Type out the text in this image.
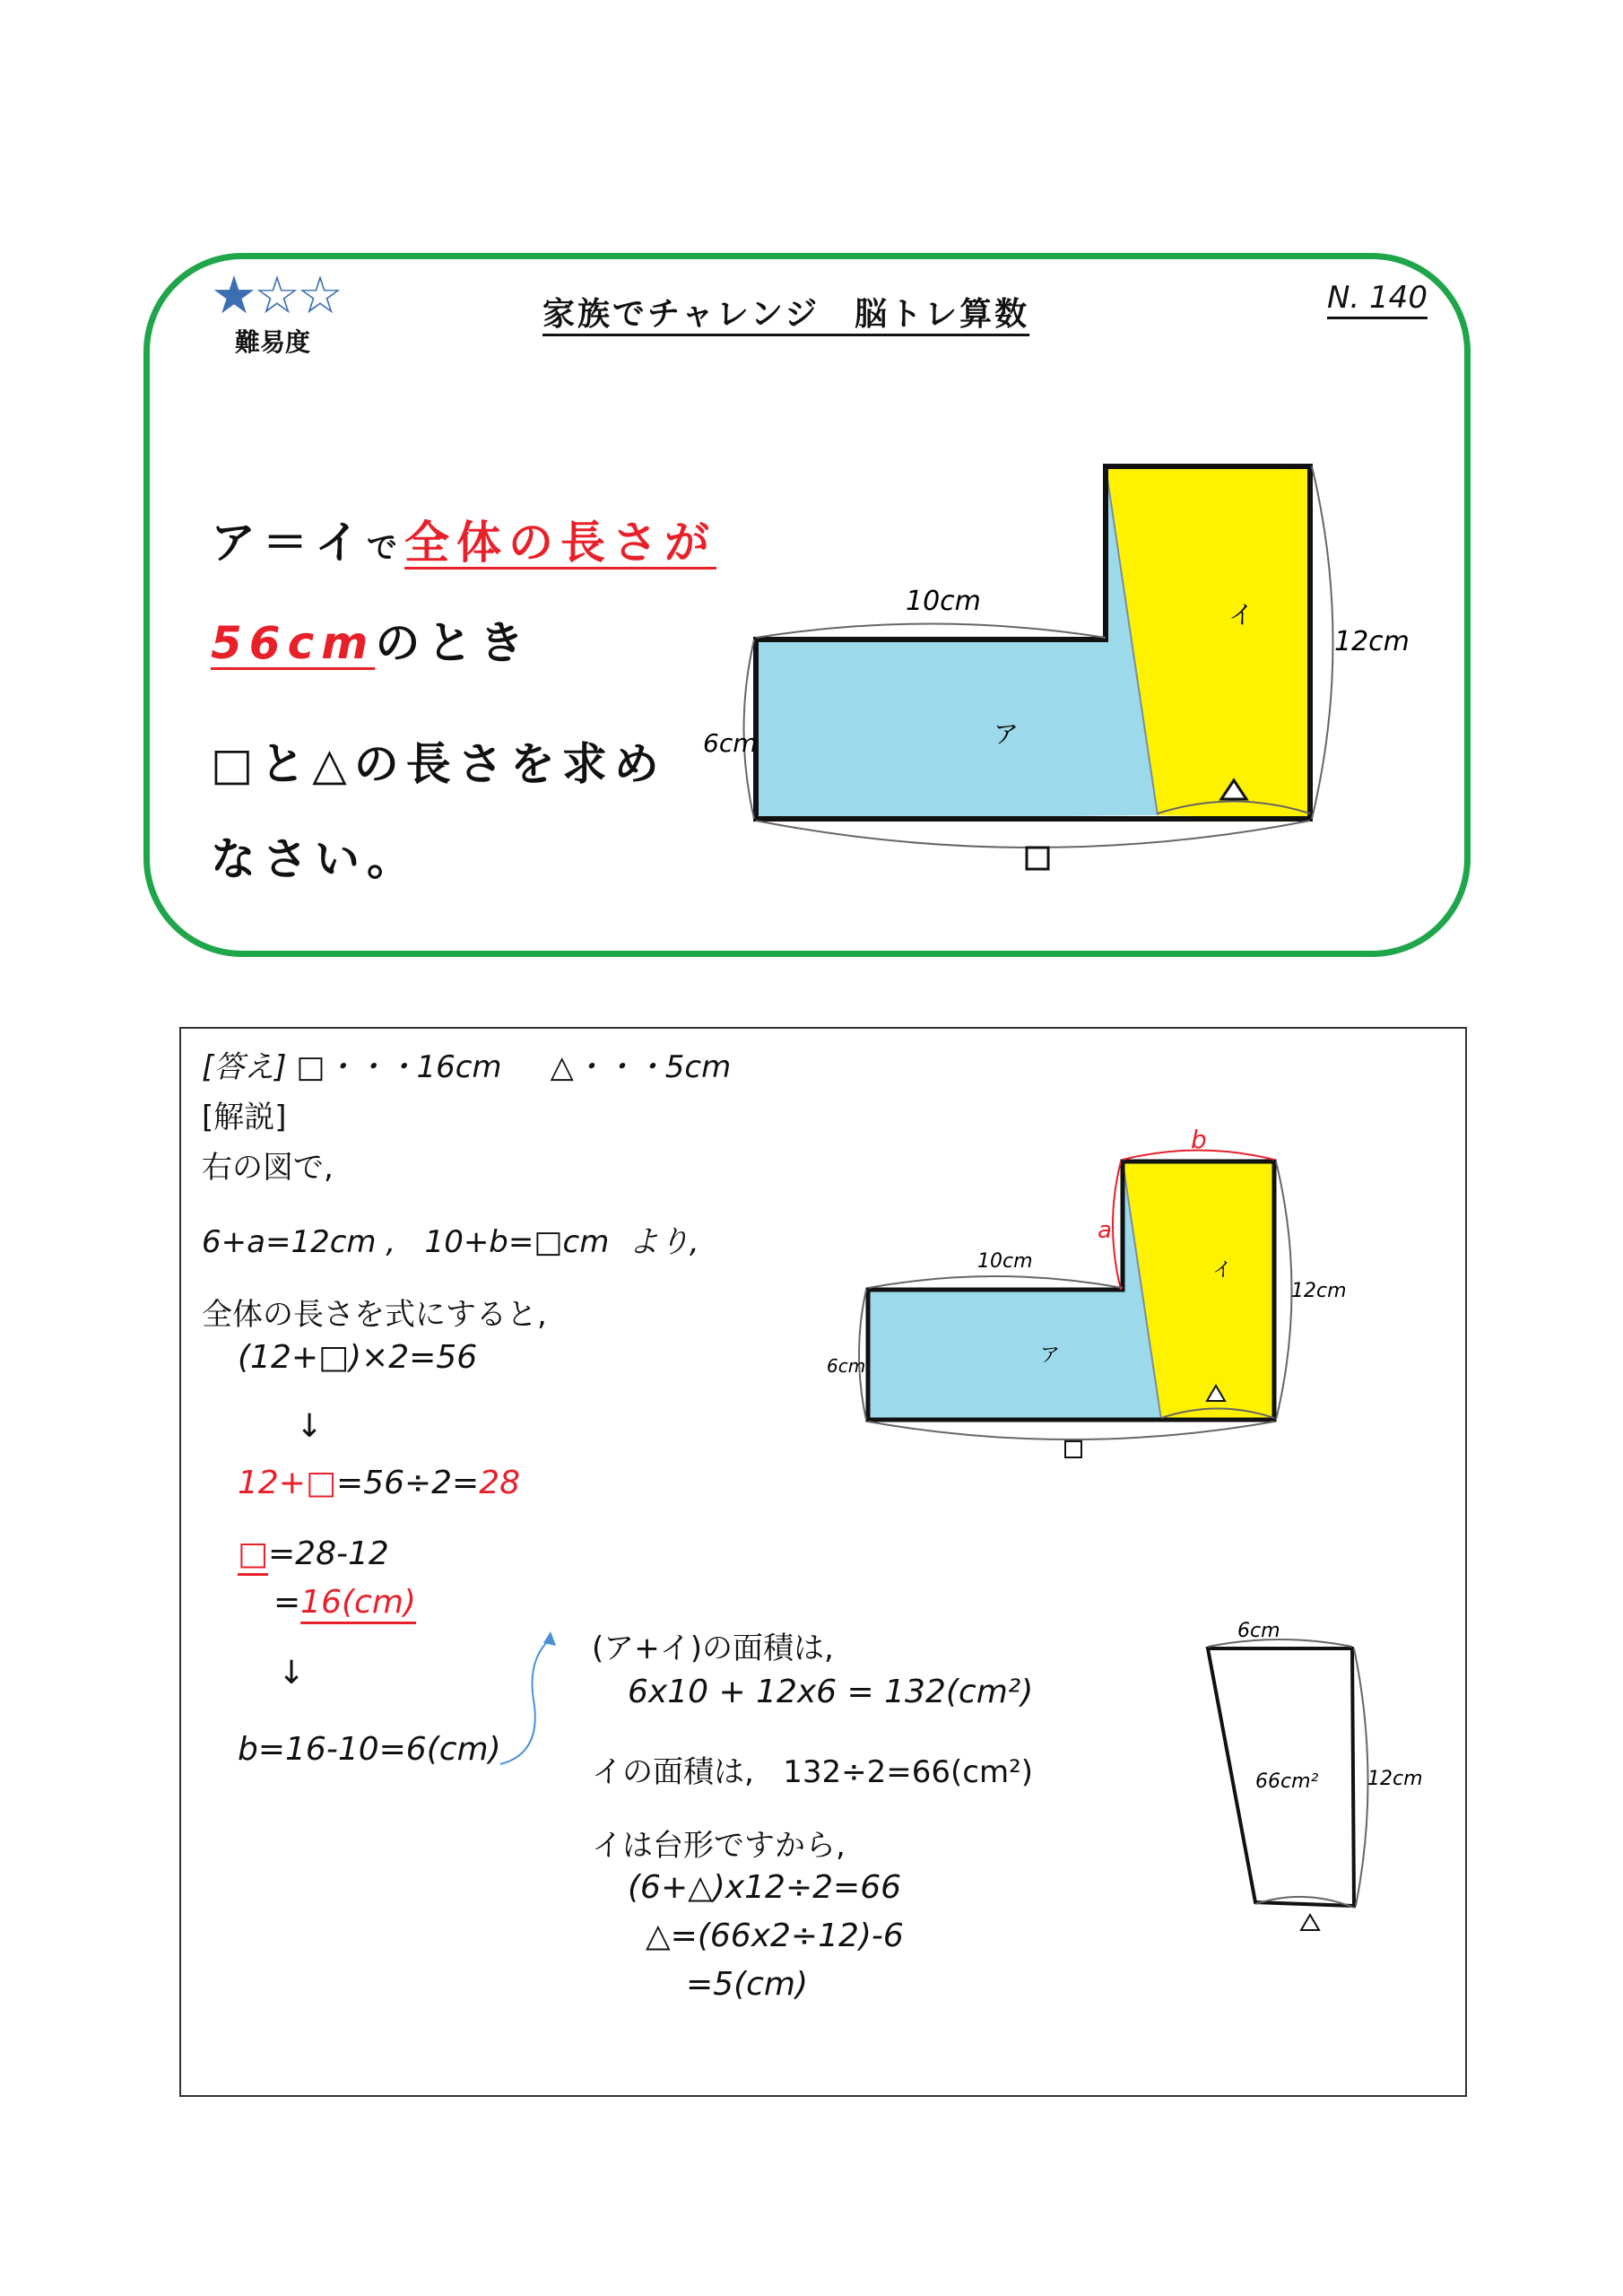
★☆☆
難易度
家族でチャレンジ　脳トレ算数	N. 140
ア＝イで全体の長さが
56cmのとき
□と△の長さを求め
なさい。
10cm
12cm
6cm	ア
イ
[答え] □・・・16cm △・・・5cm
[解説]
右の図で,
6+a=12cm ,   10+b=□cm  より,
全体の長さを式にすると,
(12+□)×2=56
↓
12+□=56÷2=28
□=28-12
=16(cm)
↓
b=16-10=6(cm)
(ア+イ)の面積は,
6x10 + 12x6 = 132(cm²)
イの面積は,   132÷2=66(cm²)
イは台形ですから,
(6+△)x12÷2=66
△=(66x2÷12)-6
=5(cm)
b
a
10cm
12cm
6cm	ア
イ
6cm
12cm
66cm²
